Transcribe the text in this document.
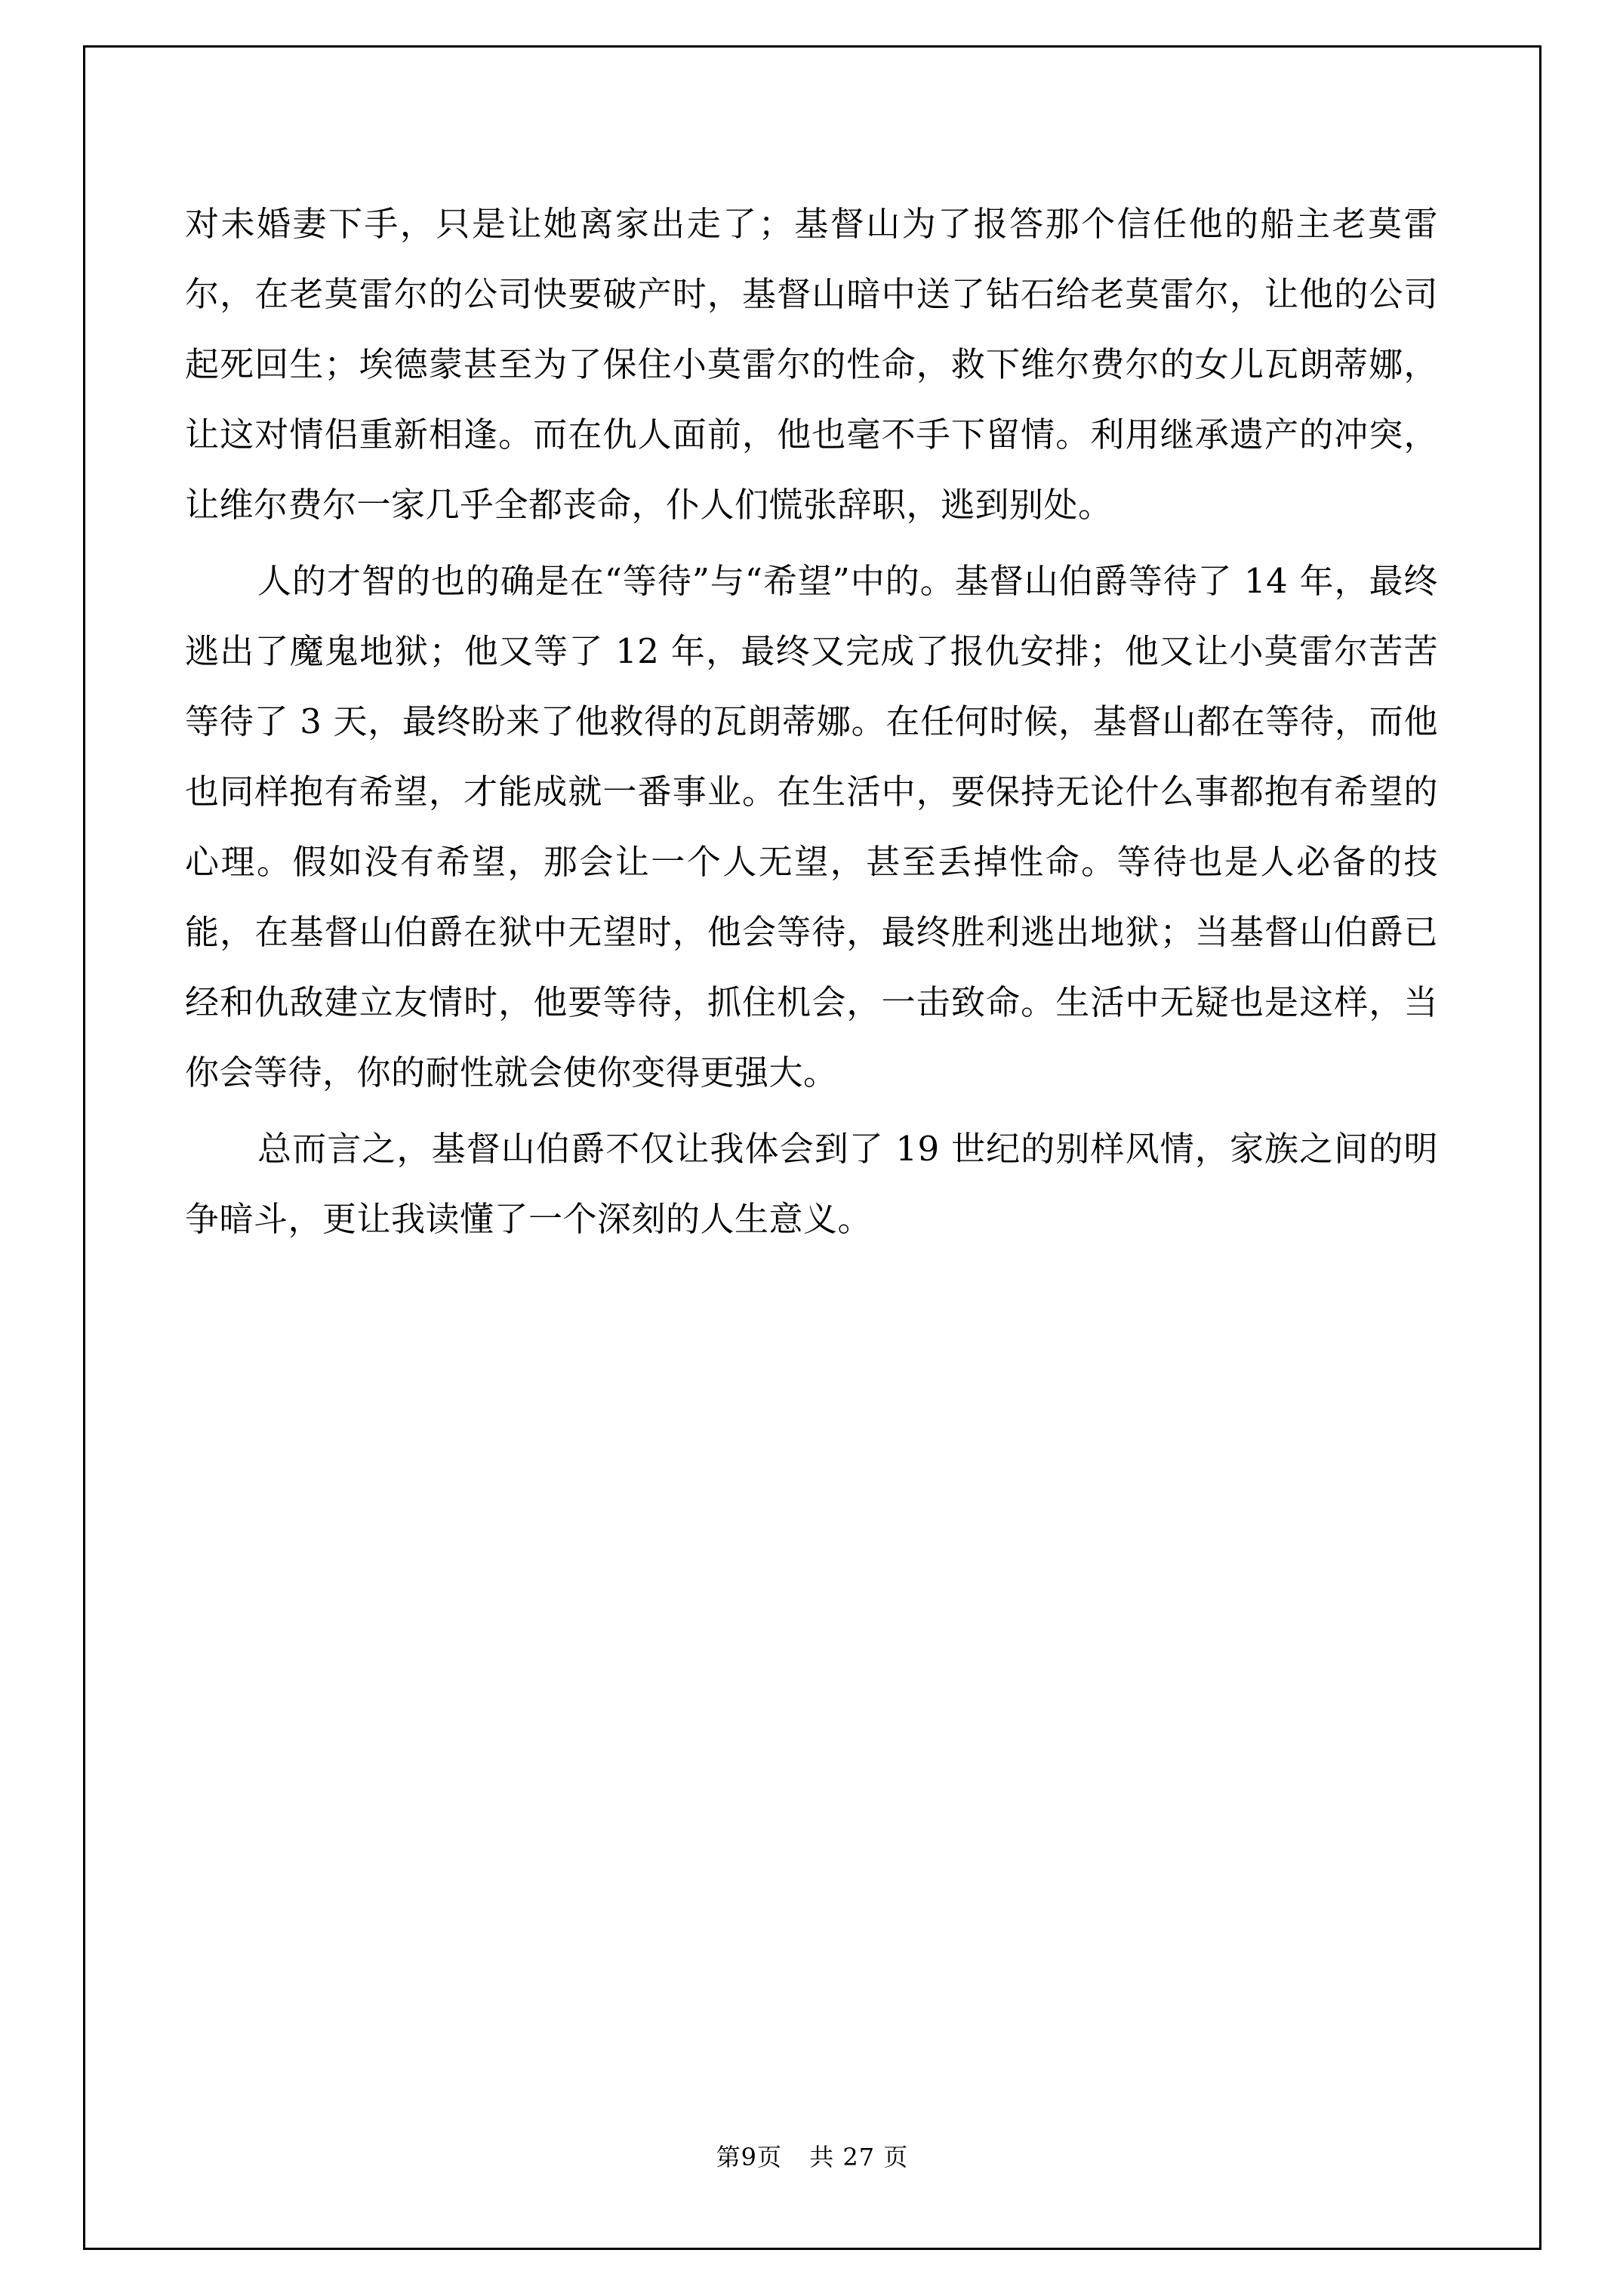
对未婚妻下手，只是让她离家出走了；基督山为了报答那个信任他的船主老莫雷尔，在老莫雷尔的公司快要破产时，基督山暗中送了钻石给老莫雷尔，让他的公司起死回生；埃德蒙甚至为了保住小莫雷尔的性命，救下维尔费尔的女儿瓦朗蒂娜，让这对情侣重新相逢。而在仇人面前，他也毫不手下留情。利用继承遗产的冲突，让维尔费尔一家几乎全都丧命，仆人们慌张辞职，逃到别处。

人的才智的也的确是在“等待”与“希望”中的。基督山伯爵等待了 14 年，最终逃出了魔鬼地狱；他又等了 12 年，最终又完成了报仇安排；他又让小莫雷尔苦苦等待了 3 天，最终盼来了他救得的瓦朗蒂娜。在任何时候，基督山都在等待，而他也同样抱有希望，才能成就一番事业。在生活中，要保持无论什么事都抱有希望的心理。假如没有希望，那会让一个人无望，甚至丢掉性命。等待也是人必备的技能，在基督山伯爵在狱中无望时，他会等待，最终胜利逃出地狱；当基督山伯爵已经和仇敌建立友情时，他要等待，抓住机会，一击致命。生活中无疑也是这样，当你会等待，你的耐性就会使你变得更强大。

总而言之，基督山伯爵不仅让我体会到了 19 世纪的别样风情，家族之间的明争暗斗，更让我读懂了一个深刻的人生意义。

第9页 共 27 页
